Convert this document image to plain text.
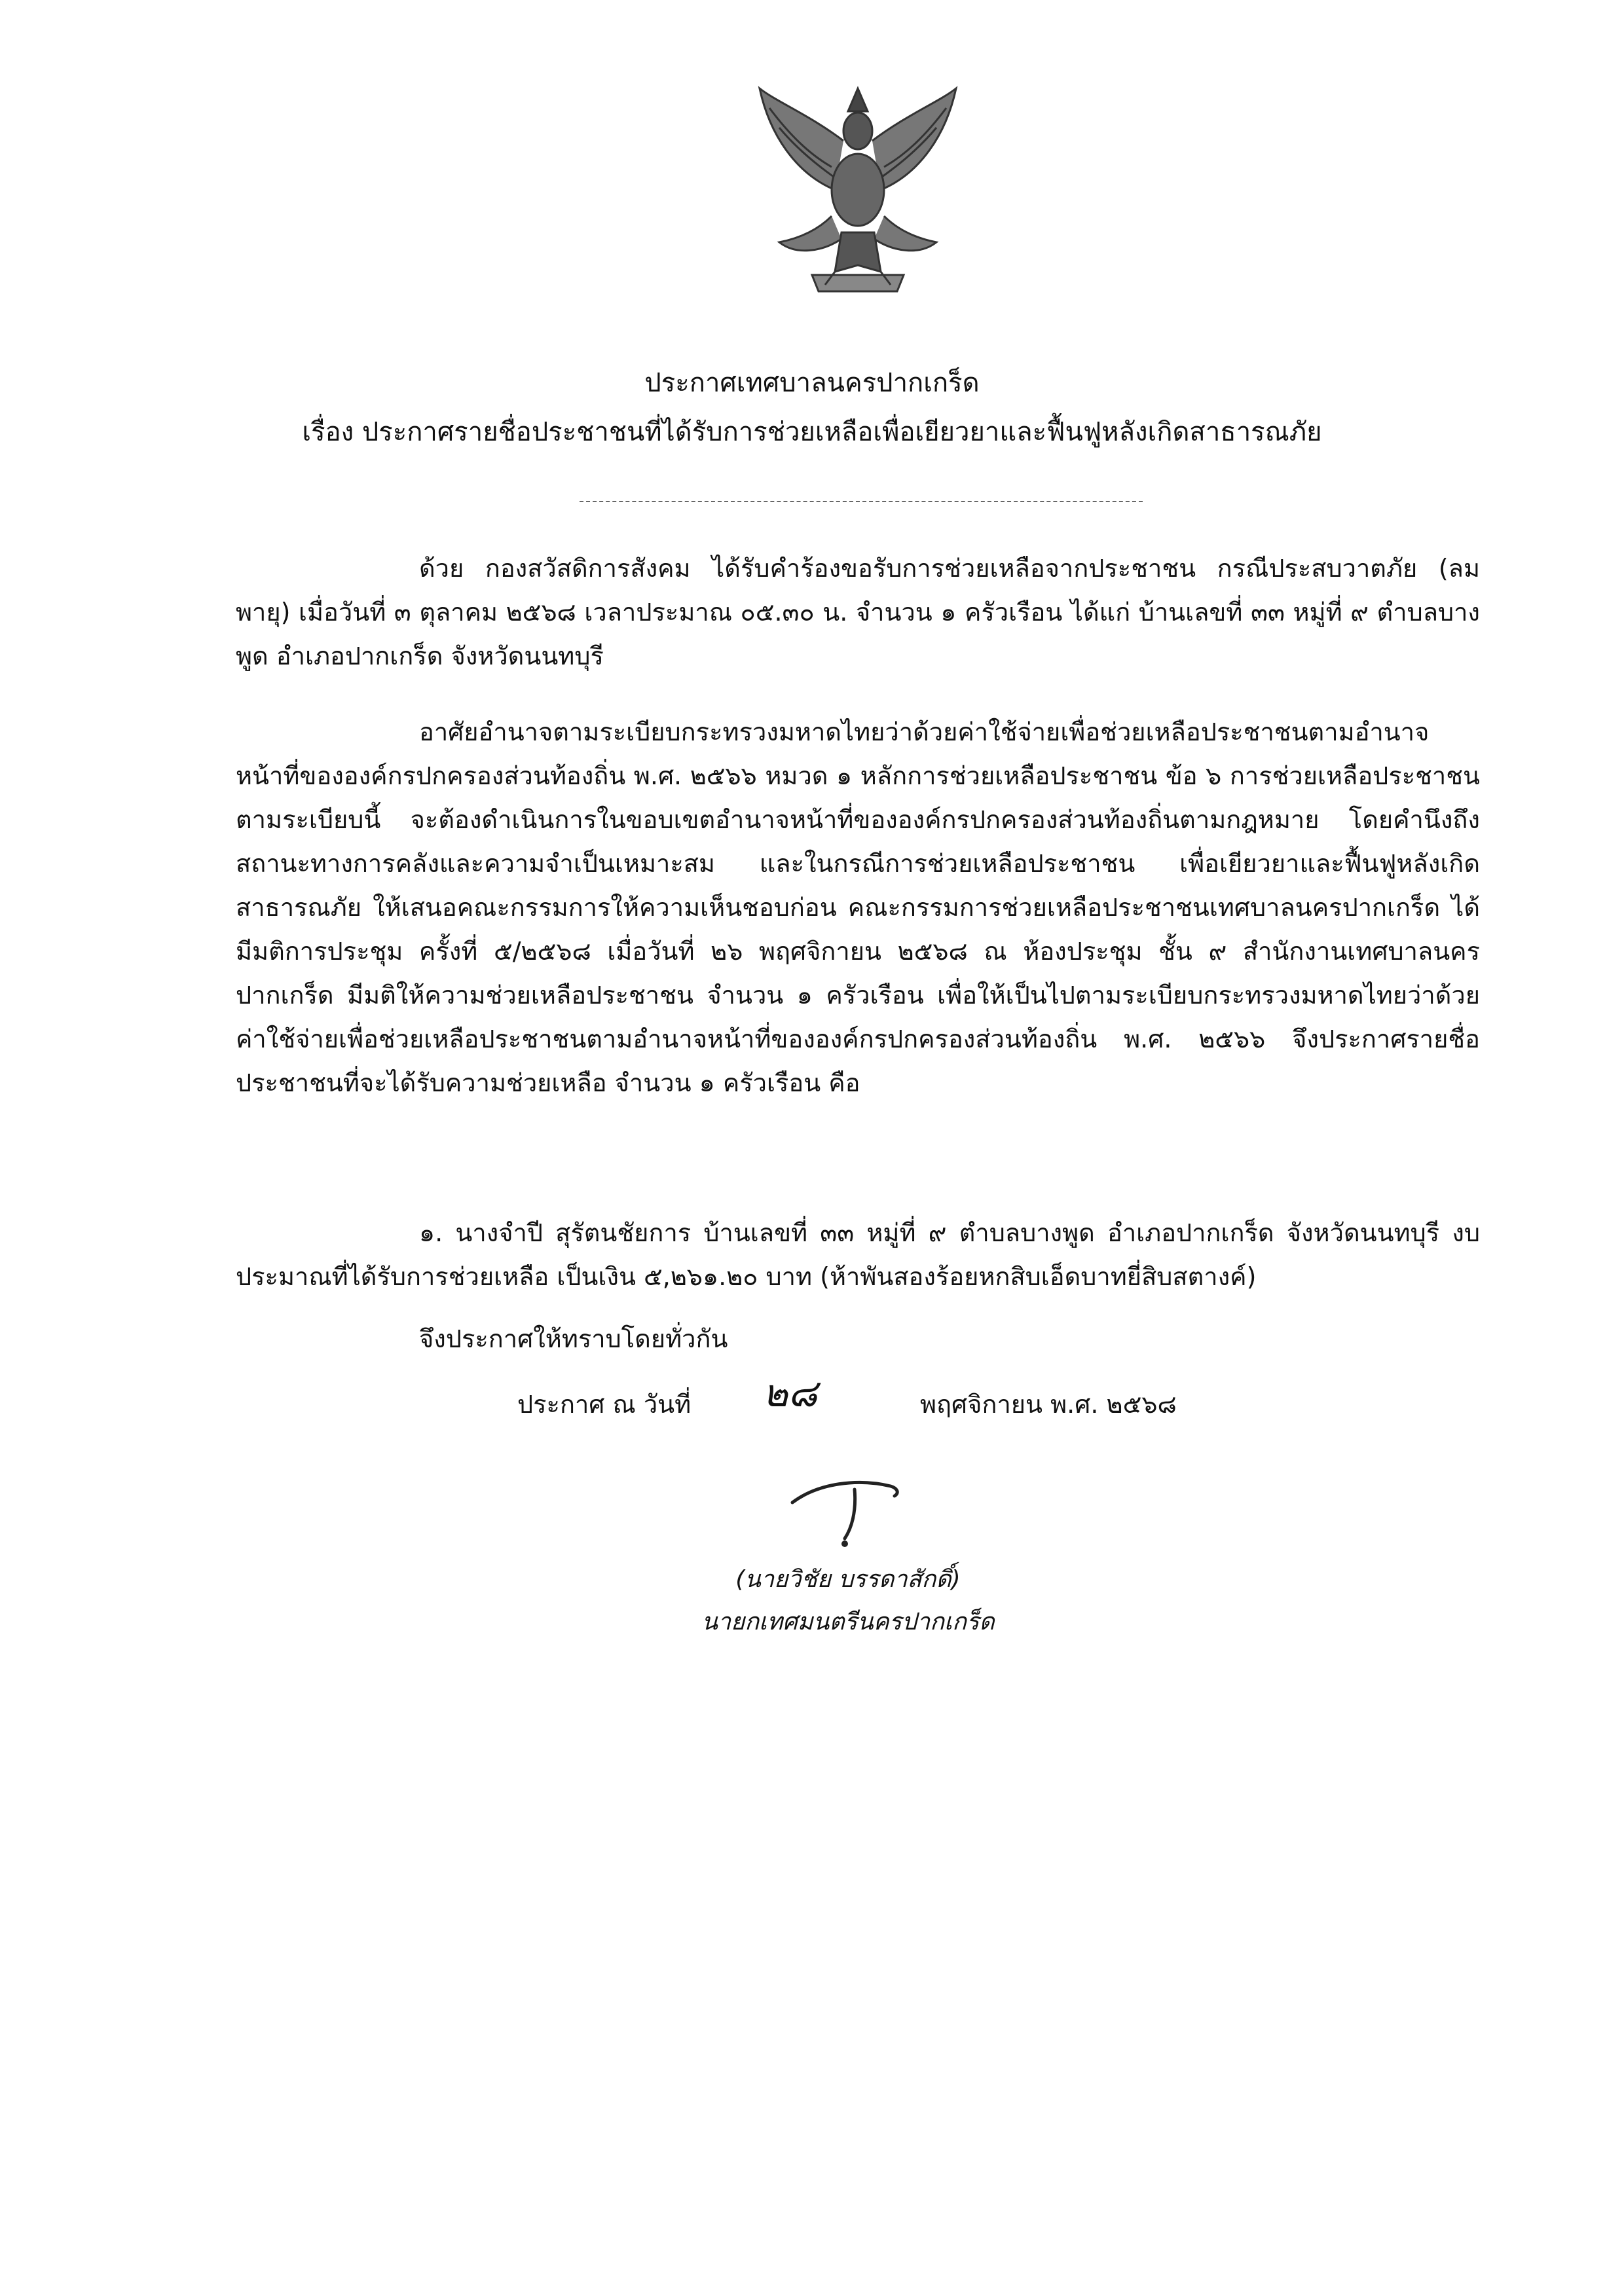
ประกาศเทศบาลนครปากเกร็ด
เรื่อง ประกาศรายชื่อประชาชนที่ได้รับการช่วยเหลือเพื่อเยียวยาและฟื้นฟูหลังเกิดสาธารณภัย

ด้วย กองสวัสดิการสังคม ได้รับคำร้องขอรับการช่วยเหลือจากประชาชน กรณีประสบวาตภัย (ลมพายุ) เมื่อวันที่ ๓ ตุลาคม ๒๕๖๘ เวลาประมาณ ๐๕.๓๐ น. จำนวน ๑ ครัวเรือน ได้แก่ บ้านเลขที่ ๓๓ หมู่ที่ ๙ ตำบลบางพูด อำเภอปากเกร็ด จังหวัดนนทบุรี

อาศัยอำนาจตามระเบียบกระทรวงมหาดไทยว่าด้วยค่าใช้จ่ายเพื่อช่วยเหลือประชาชนตามอำนาจหน้าที่ขององค์กรปกครองส่วนท้องถิ่น พ.ศ. ๒๕๖๖ หมวด ๑ หลักการช่วยเหลือประชาชน ข้อ ๖ การช่วยเหลือประชาชนตามระเบียบนี้ จะต้องดำเนินการในขอบเขตอำนาจหน้าที่ขององค์กรปกครองส่วนท้องถิ่นตามกฎหมาย โดยคำนึงถึงสถานะทางการคลังและความจำเป็นเหมาะสม และในกรณีการช่วยเหลือประชาชน เพื่อเยียวยาและฟื้นฟูหลังเกิดสาธารณภัย ให้เสนอคณะกรรมการให้ความเห็นชอบก่อน คณะกรรมการช่วยเหลือประชาชนเทศบาลนครปากเกร็ด ได้มีมติการประชุม ครั้งที่ ๕/๒๕๖๘ เมื่อวันที่ ๒๖ พฤศจิกายน ๒๕๖๘ ณ ห้องประชุม ชั้น ๙ สำนักงานเทศบาลนครปากเกร็ด มีมติให้ความช่วยเหลือประชาชน จำนวน ๑ ครัวเรือน เพื่อให้เป็นไปตามระเบียบกระทรวงมหาดไทยว่าด้วยค่าใช้จ่ายเพื่อช่วยเหลือประชาชนตามอำนาจหน้าที่ขององค์กรปกครองส่วนท้องถิ่น พ.ศ. ๒๕๖๖ จึงประกาศรายชื่อประชาชนที่จะได้รับความช่วยเหลือ จำนวน ๑ ครัวเรือน คือ

๑. นางจำปี สุรัตนชัยการ บ้านเลขที่ ๓๓ หมู่ที่ ๙ ตำบลบางพูด อำเภอปากเกร็ด จังหวัดนนทบุรี งบประมาณที่ได้รับการช่วยเหลือ เป็นเงิน ๕,๒๖๑.๒๐ บาท (ห้าพันสองร้อยหกสิบเอ็ดบาทยี่สิบสตางค์)

จึงประกาศให้ทราบโดยทั่วกัน
ประกาศ ณ วันที่ ๒๘	พฤศจิกายน พ.ศ. ๒๕๖๘
(นายวิชัย บรรดาสักดิ์)
นายกเทศมนตรีนครปากเกร็ด
